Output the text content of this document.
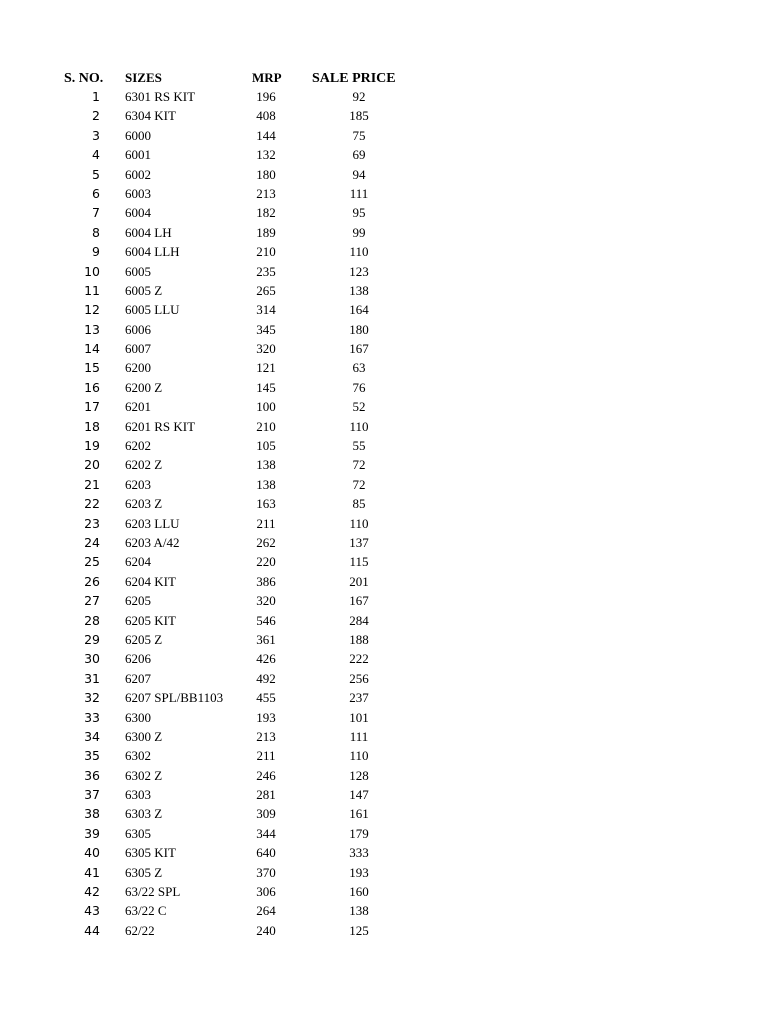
S. NO. SIZES	MRP SALE PRICE
1 6301 RS KIT	196	92
2 6304 KIT	408	185
3 6000	144	75
4 6001	132	69
5 6002	180	94
6 6003	213	111
7 6004	182	95
8 6004 LH	189	99
9 6004 LLH	210	110
10 6005	235	123
11 6005 Z	265	138
12 6005 LLU	314	164
13 6006	345	180
14 6007	320	167
15 6200	121	63
16 6200 Z	145	76
17 6201	100	52
18 6201 RS KIT	210	110
19 6202	105	55
20 6202 Z	138	72
21 6203	138	72
22 6203 Z	163	85
23 6203 LLU	211	110
24 6203 A/42	262	137
25 6204	220	115
26 6204 KIT	386	201
27 6205	320	167
28 6205 KIT	546	284
29 6205 Z	361	188
30 6206	426	222
31 6207	492	256
32 6207 SPL/BB1103	455	237
33 6300	193	101
34 6300 Z	213	111
35 6302	211	110
36 6302 Z	246	128
37 6303	281	147
38 6303 Z	309	161
39 6305	344	179
40 6305 KIT	640	333
41 6305 Z	370	193
42 63/22 SPL	306	160
43 63/22 C	264	138
44 62/22	240	125
